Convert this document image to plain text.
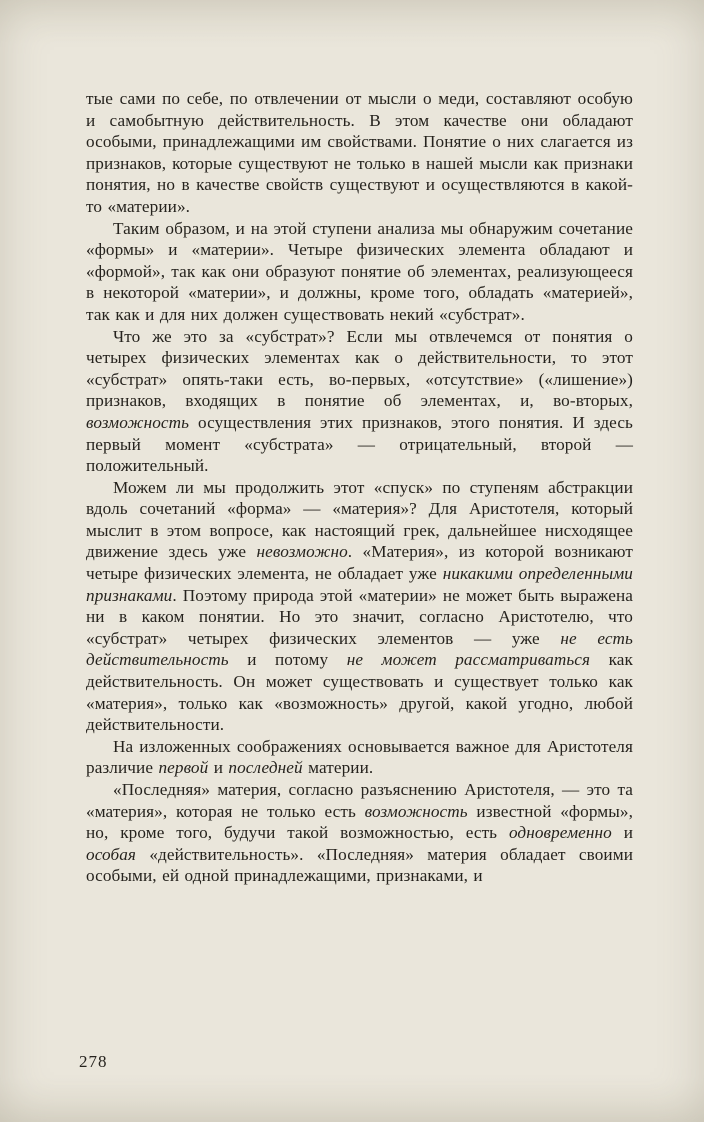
тые сами по себе, по отвлечении от мысли о меди, составляют особую и самобытную действительность. В этом качестве они обладают особыми, принадлежащими им свойствами. Понятие о них слагается из признаков, которые существуют не только в нашей мысли как признаки понятия, но в качестве свойств существуют и осуществляются в какой-то «материи».

Таким образом, и на этой ступени анализа мы обнаружим сочетание «формы» и «материи». Четыре физических элемента обладают и «формой», так как они образуют понятие об элементах, реализующееся в некоторой «материи», и должны, кроме того, обладать «материей», так как и для них должен существовать некий «субстрат».

Что же это за «субстрат»? Если мы отвлечемся от понятия о четырех физических элементах как о действительности, то этот «субстрат» опять-таки есть, во-первых, «отсутствие» («лишение») признаков, входящих в понятие об элементах, и, во-вторых, возможность осуществления этих признаков, этого понятия. И здесь первый момент «субстрата» — отрицательный, второй — положительный.

Можем ли мы продолжить этот «спуск» по ступеням абстракции вдоль сочетаний «форма» — «материя»? Для Аристотеля, который мыслит в этом вопросе, как настоящий грек, дальнейшее нисходящее движение здесь уже невозможно. «Материя», из которой возникают четыре физических элемента, не обладает уже никакими определенными признаками. Поэтому природа этой «материи» не может быть выражена ни в каком понятии. Но это значит, согласно Аристотелю, что «субстрат» четырех физических элементов — уже не есть действительность и потому не может рассматриваться как действительность. Он может существовать и существует только как «материя», только как «возможность» другой, какой угодно, любой действительности.

На изложенных соображениях основывается важное для Аристотеля различие первой и последней материи.

«Последняя» материя, согласно разъяснению Аристотеля, — это та «материя», которая не только есть возможность известной «формы», но, кроме того, будучи такой возможностью, есть одновременно и особая «действительность». «Последняя» материя обладает своими особыми, ей одной принадлежащими, признаками, и

278
